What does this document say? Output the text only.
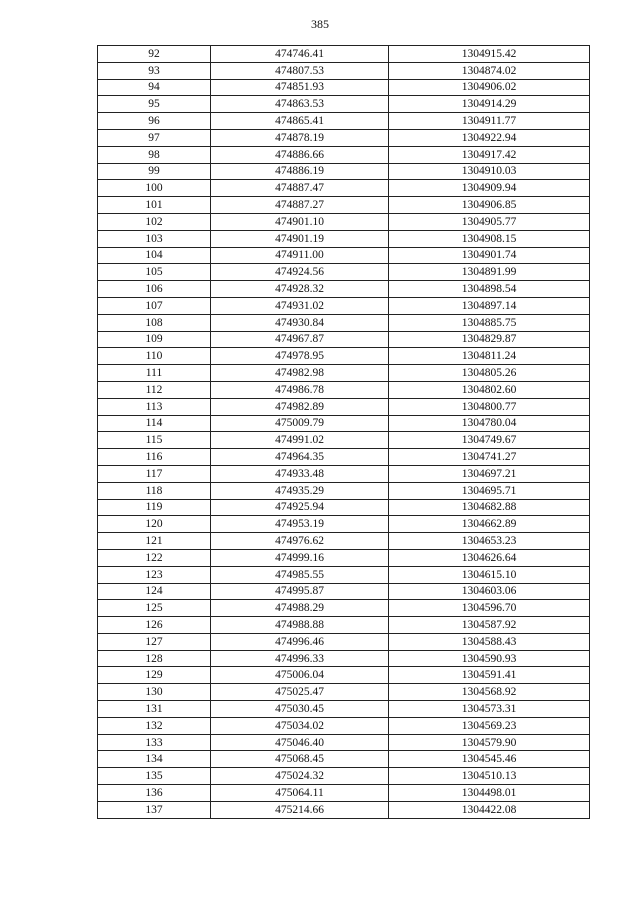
385
92	474746.41	1304915.42
93	474807.53	1304874.02
94	474851.93	1304906.02
95	474863.53	1304914.29
96	474865.41	1304911.77
97	474878.19	1304922.94
98	474886.66	1304917.42
99	474886.19	1304910.03
100	474887.47	1304909.94
101	474887.27	1304906.85
102	474901.10	1304905.77
103	474901.19	1304908.15
104	474911.00	1304901.74
105	474924.56	1304891.99
106	474928.32	1304898.54
107	474931.02	1304897.14
108	474930.84	1304885.75
109	474967.87	1304829.87
110	474978.95	1304811.24
111	474982.98	1304805.26
112	474986.78	1304802.60
113	474982.89	1304800.77
114	475009.79	1304780.04
115	474991.02	1304749.67
116	474964.35	1304741.27
117	474933.48	1304697.21
118	474935.29	1304695.71
119	474925.94	1304682.88
120	474953.19	1304662.89
121	474976.62	1304653.23
122	474999.16	1304626.64
123	474985.55	1304615.10
124	474995.87	1304603.06
125	474988.29	1304596.70
126	474988.88	1304587.92
127	474996.46	1304588.43
128	474996.33	1304590.93
129	475006.04	1304591.41
130	475025.47	1304568.92
131	475030.45	1304573.31
132	475034.02	1304569.23
133	475046.40	1304579.90
134	475068.45	1304545.46
135	475024.32	1304510.13
136	475064.11	1304498.01
137	475214.66	1304422.08
